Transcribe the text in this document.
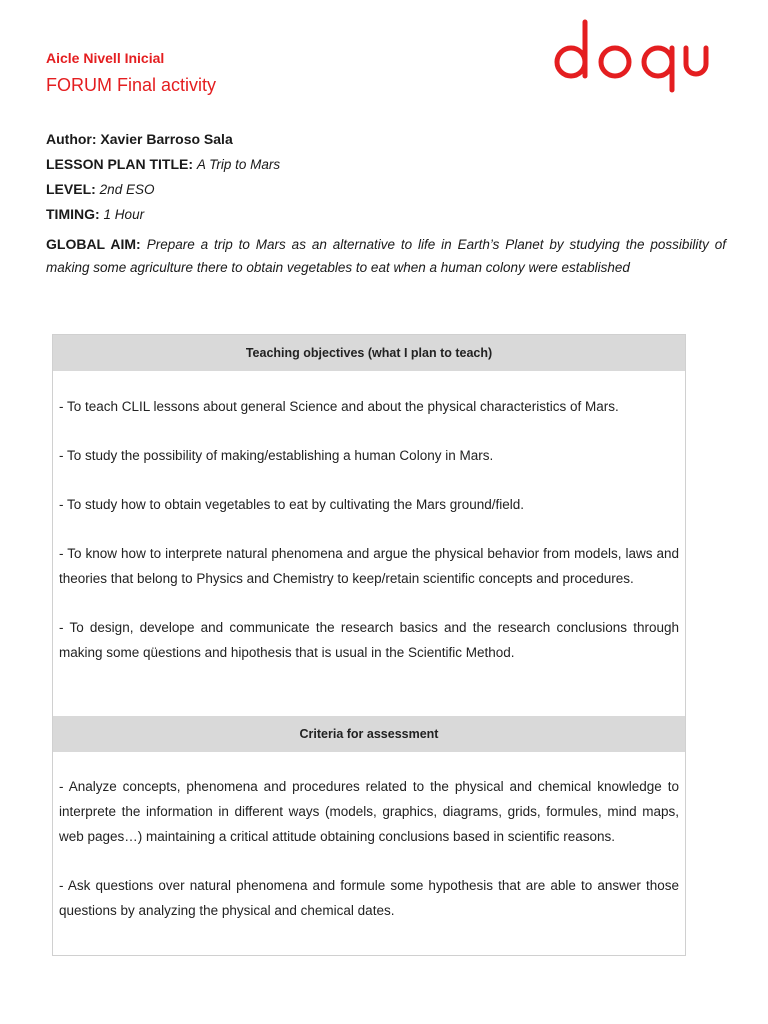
Aicle Nivell Inicial
FORUM Final activity
Author: Xavier Barroso Sala
LESSON PLAN TITLE: A Trip to Mars
LEVEL: 2nd ESO
TIMING: 1 Hour
GLOBAL AIM: Prepare a trip to Mars as an alternative to life in Earth’s Planet by studying the possibility of making some agriculture there to obtain vegetables to eat when a human colony were established
Teaching objectives (what I plan to teach)

- To teach CLIL lessons about general Science and about the physical characteristics of Mars.

- To study the possibility of making/establishing a human Colony in Mars.

- To study how to obtain vegetables to eat by cultivating the Mars ground/field.

- To know how to interprete natural phenomena and argue the physical behavior from models, laws and theories that belong to Physics and Chemistry to keep/retain scientific concepts and procedures.

- To design, develope and communicate the research basics and the research conclusions through making some qüestions and hipothesis that is usual in the Scientific Method.

Criteria for assessment

- Analyze concepts, phenomena and procedures related to the physical and chemical knowledge to interprete the information in different ways (models, graphics, diagrams, grids, formules, mind maps, web pages…) maintaining a critical attitude obtaining conclusions based in scientific reasons.

- Ask questions over natural phenomena and formule some hypothesis that are able to answer those questions by analyzing the physical and chemical dates.
